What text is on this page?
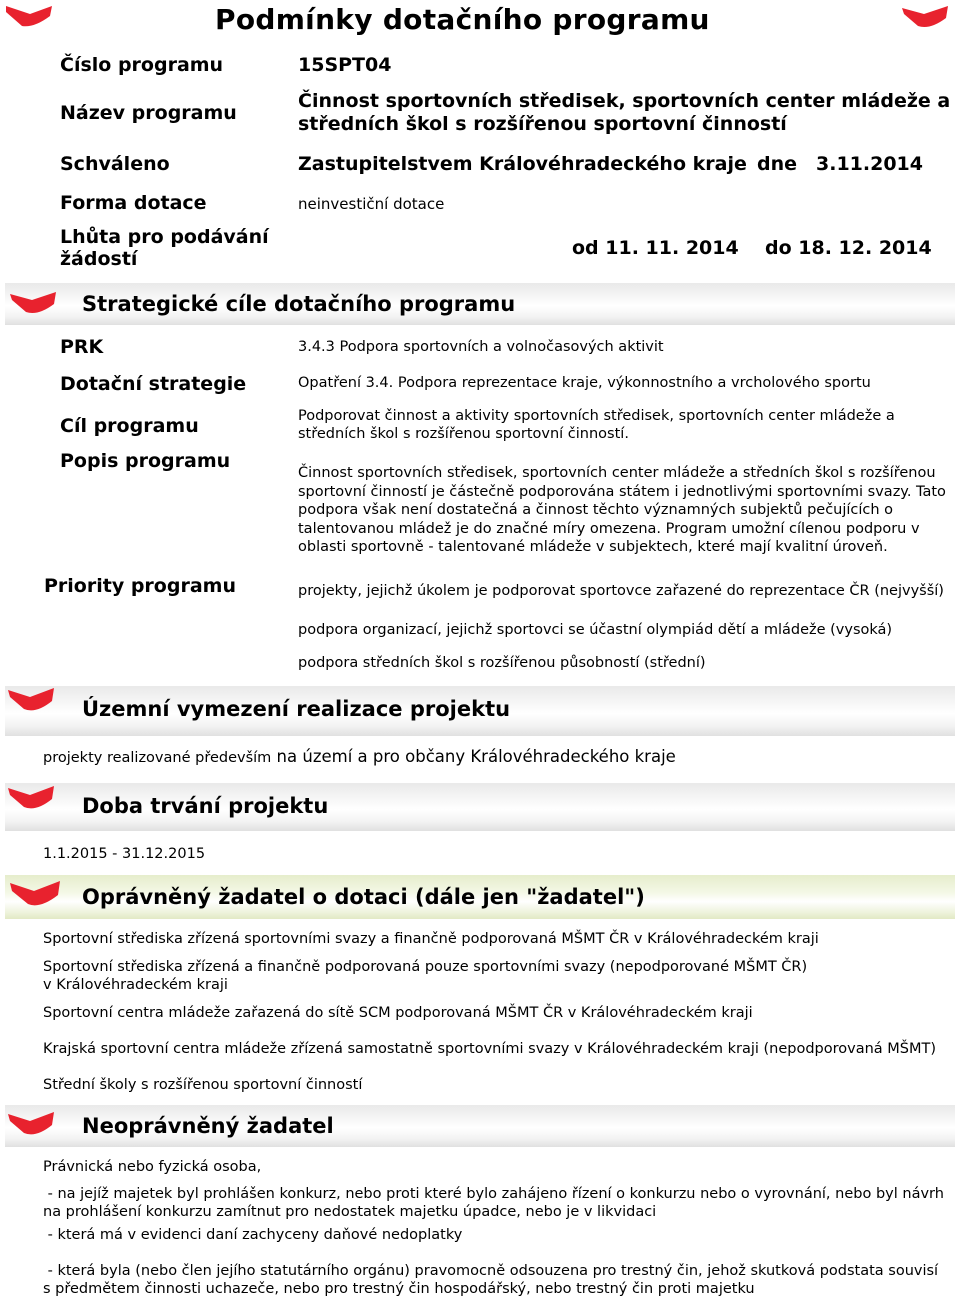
Podmínky dotačního programu
Číslo programu	15SPT04
Název programu
Činnost sportovních středisek, sportovních center mládeže a
středních škol s rozšířenou sportovní činností
Schváleno	Zastupitelstvem Královéhradeckého kraje dne 3.11.2014
Forma dotace	neinvestiční dotace
Lhůta pro podávání
žádostí	od 11. 11. 2014 do 18. 12. 2014
Strategické cíle dotačního programu
PRK	3.4.3 Podpora sportovních a volnočasových aktivit
Dotační strategie	Opatření 3.4. Podpora reprezentace kraje, výkonnostního a vrcholového sportu
Cíl programu	Podporovat činnost a aktivity sportovních středisek, sportovních center mládeže a
středních škol s rozšířenou sportovní činností.
Popis programu
Činnost sportovních středisek, sportovních center mládeže a středních škol s rozšířenou
sportovní činností je částečně podporována státem i jednotlivými sportovními svazy. Tato
podpora však není dostatečná a činnost těchto významných subjektů pečujících o
talentovanou mládež je do značné míry omezena. Program umožní cílenou podporu v
oblasti sportovně - talentované mládeže v subjektech, které mají kvalitní úroveň.
Priority programu	projekty, jejichž úkolem je podporovat sportovce zařazené do reprezentace ČR (nejvyšší)
podpora organizací, jejichž sportovci se účastní olympiád dětí a mládeže (vysoká)
podpora středních škol s rozšířenou působností (střední)
Územní vymezení realizace projektu
projekty realizované především na území a pro občany Královéhradeckého kraje
Doba trvání projektu
1.1.2015 - 31.12.2015
Oprávněný žadatel o dotaci (dále jen "žadatel")
Sportovní střediska zřízená sportovními svazy a finančně podporovaná MŠMT ČR v Královéhradeckém kraji
Sportovní střediska zřízená a finančně podporovaná pouze sportovními svazy (nepodporované MŠMT ČR)
v Královéhradeckém kraji
Sportovní centra mládeže zařazená do sítě SCM podporovaná MŠMT ČR v Královéhradeckém kraji
Krajská sportovní centra mládeže zřízená samostatně sportovními svazy v Královéhradeckém kraji (nepodporovaná MŠMT)
Střední školy s rozšířenou sportovní činností
Neoprávněný žadatel
Právnická nebo fyzická osoba,
- na jejíž majetek byl prohlášen konkurz, nebo proti které bylo zahájeno řízení o konkurzu nebo o vyrovnání, nebo byl návrh
na prohlášení konkurzu zamítnut pro nedostatek majetku úpadce, nebo je v likvidaci
- která má v evidenci daní zachyceny daňové nedoplatky
- která byla (nebo člen jejího statutárního orgánu) pravomocně odsouzena pro trestný čin, jehož skutková podstata souvisí
s předmětem činnosti uchazeče, nebo pro trestný čin hospodářský, nebo trestný čin proti majetku
